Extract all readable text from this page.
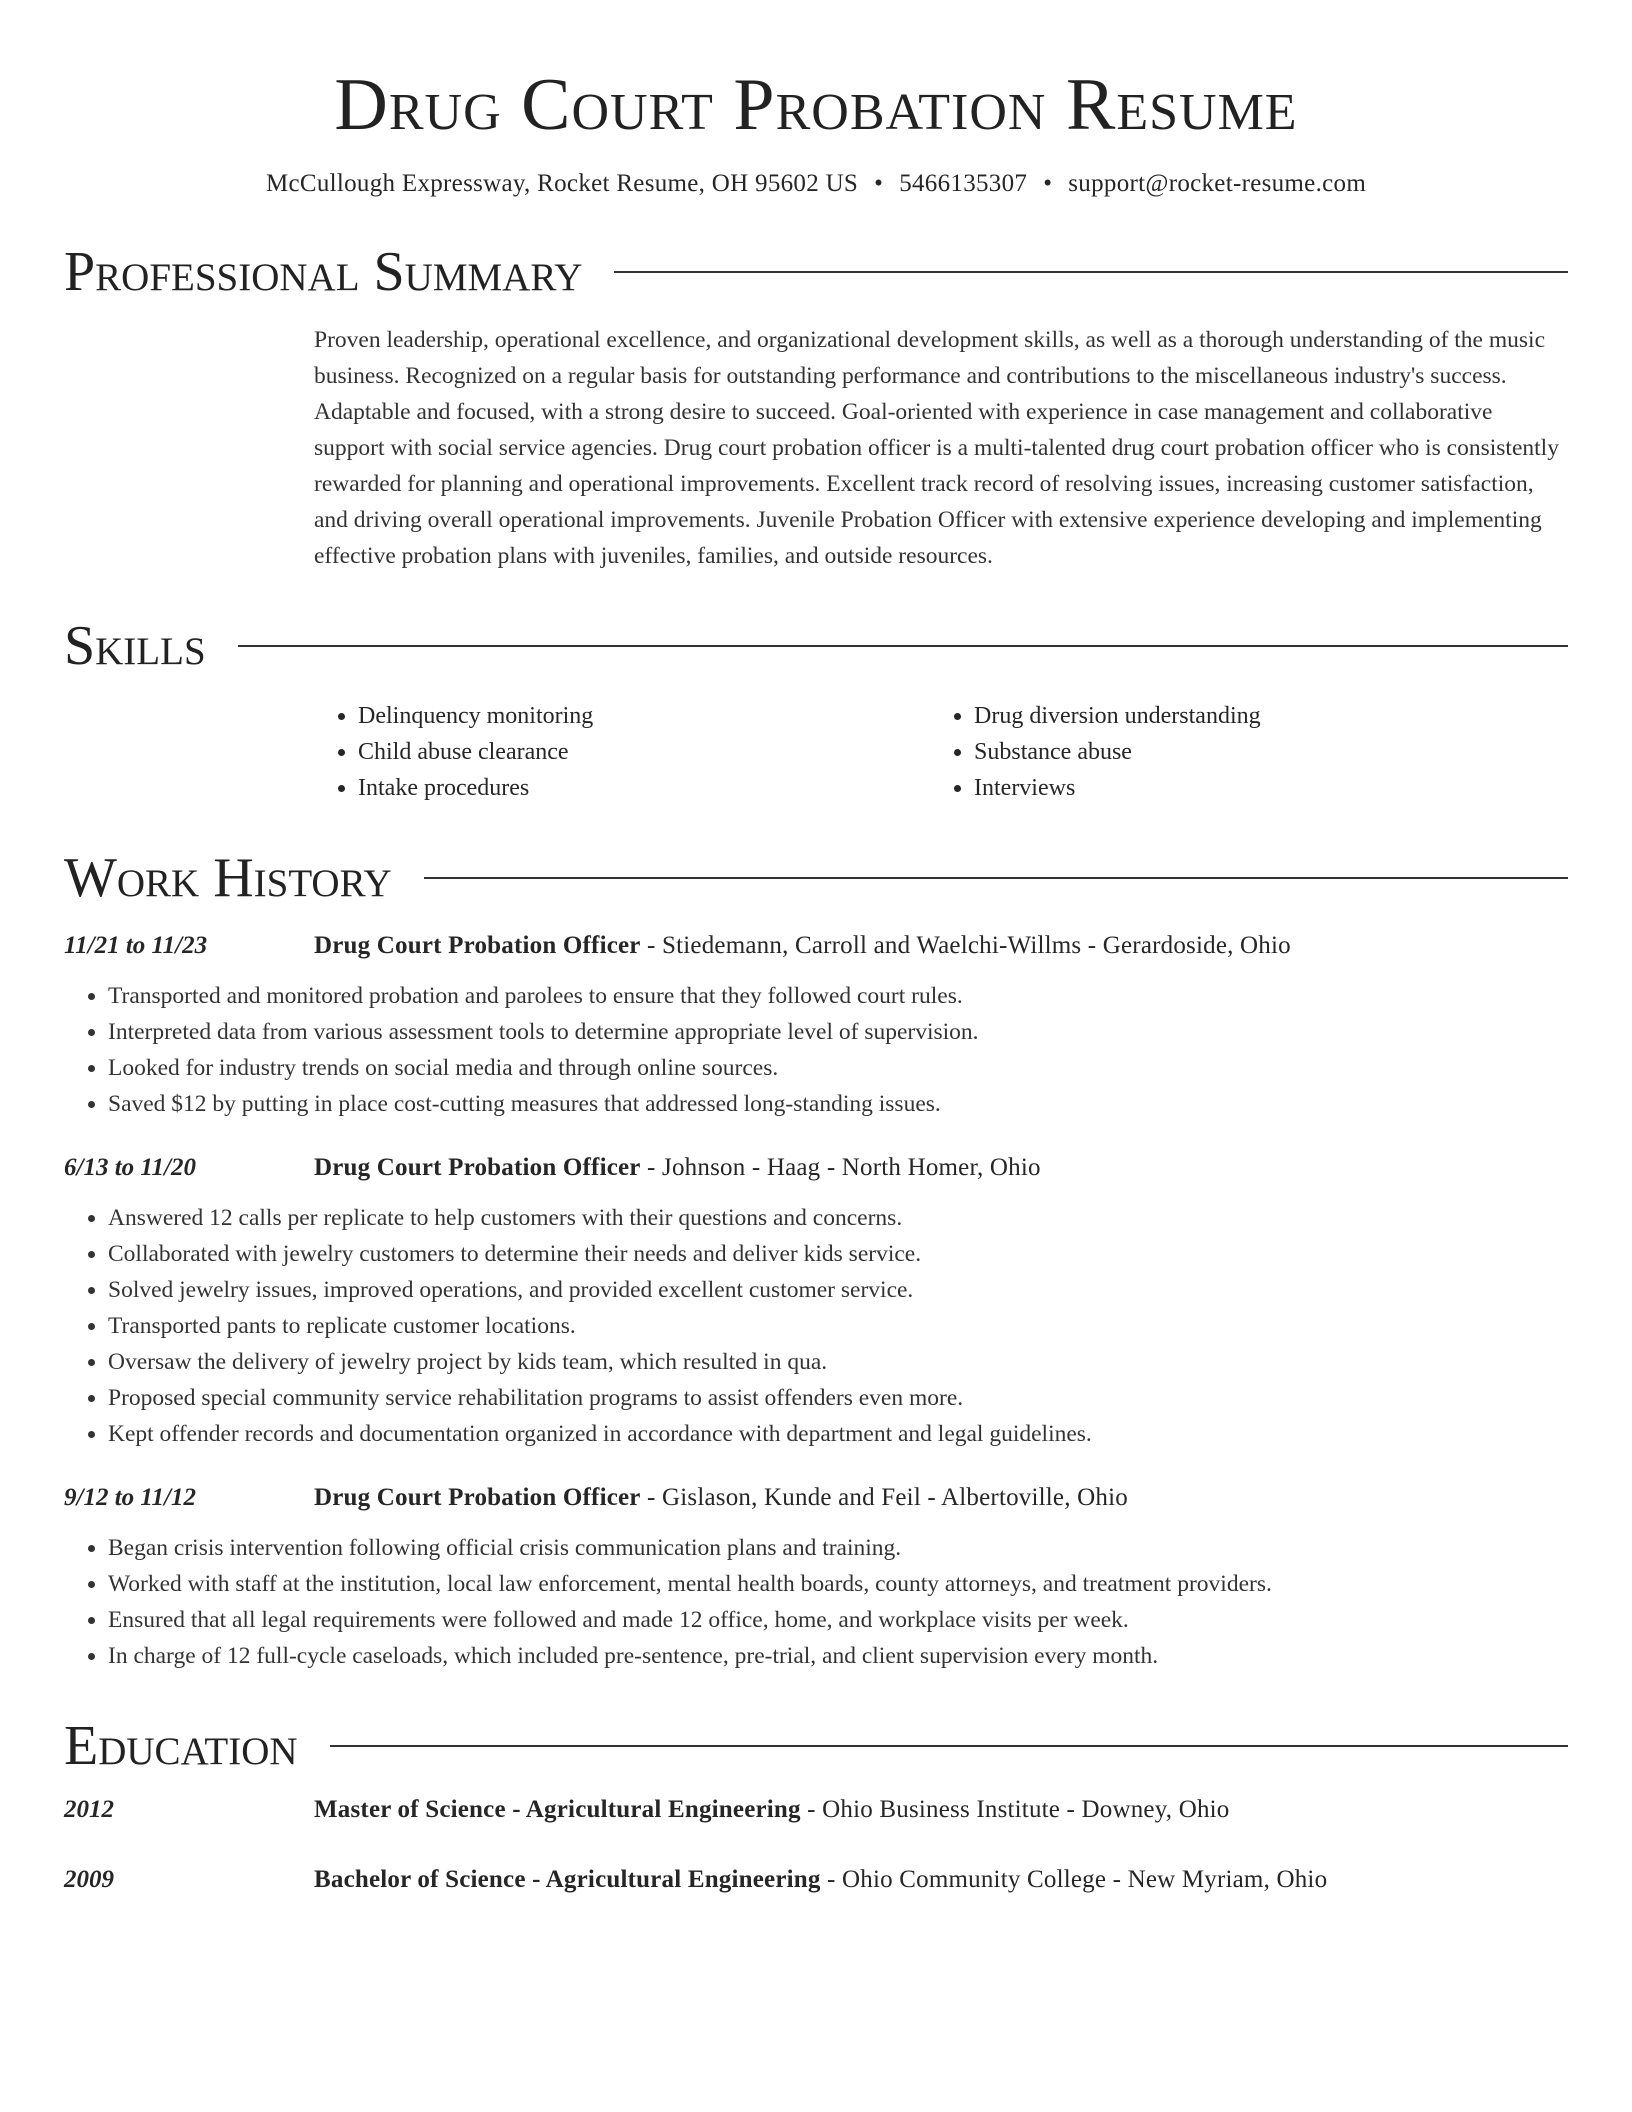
Drug Court Probation Resume
McCullough Expressway, Rocket Resume, OH 95602 US • 5466135307 • support@rocket-resume.com
Professional Summary
Proven leadership, operational excellence, and organizational development skills, as well as a thorough understanding of the music business. Recognized on a regular basis for outstanding performance and contributions to the miscellaneous industry's success. Adaptable and focused, with a strong desire to succeed. Goal-oriented with experience in case management and collaborative support with social service agencies. Drug court probation officer is a multi-talented drug court probation officer who is consistently rewarded for planning and operational improvements. Excellent track record of resolving issues, increasing customer satisfaction, and driving overall operational improvements. Juvenile Probation Officer with extensive experience developing and implementing effective probation plans with juveniles, families, and outside resources.
Skills
• Delinquency monitoring
• Child abuse clearance
• Intake procedures
• Drug diversion understanding
• Substance abuse
• Interviews
Work History
11/21 to 11/23	Drug Court Probation Officer - Stiedemann, Carroll and Waelchi-Willms - Gerardoside, Ohio
• Transported and monitored probation and parolees to ensure that they followed court rules.
• Interpreted data from various assessment tools to determine appropriate level of supervision.
• Looked for industry trends on social media and through online sources.
• Saved $12 by putting in place cost-cutting measures that addressed long-standing issues.
6/13 to 11/20	Drug Court Probation Officer - Johnson - Haag - North Homer, Ohio
• Answered 12 calls per replicate to help customers with their questions and concerns.
• Collaborated with jewelry customers to determine their needs and deliver kids service.
• Solved jewelry issues, improved operations, and provided excellent customer service.
• Transported pants to replicate customer locations.
• Oversaw the delivery of jewelry project by kids team, which resulted in qua.
• Proposed special community service rehabilitation programs to assist offenders even more.
• Kept offender records and documentation organized in accordance with department and legal guidelines.
9/12 to 11/12	Drug Court Probation Officer - Gislason, Kunde and Feil - Albertoville, Ohio
• Began crisis intervention following official crisis communication plans and training.
• Worked with staff at the institution, local law enforcement, mental health boards, county attorneys, and treatment providers.
• Ensured that all legal requirements were followed and made 12 office, home, and workplace visits per week.
• In charge of 12 full-cycle caseloads, which included pre-sentence, pre-trial, and client supervision every month.
Education
2012	Master of Science - Agricultural Engineering - Ohio Business Institute - Downey, Ohio
2009	Bachelor of Science - Agricultural Engineering - Ohio Community College - New Myriam, Ohio
